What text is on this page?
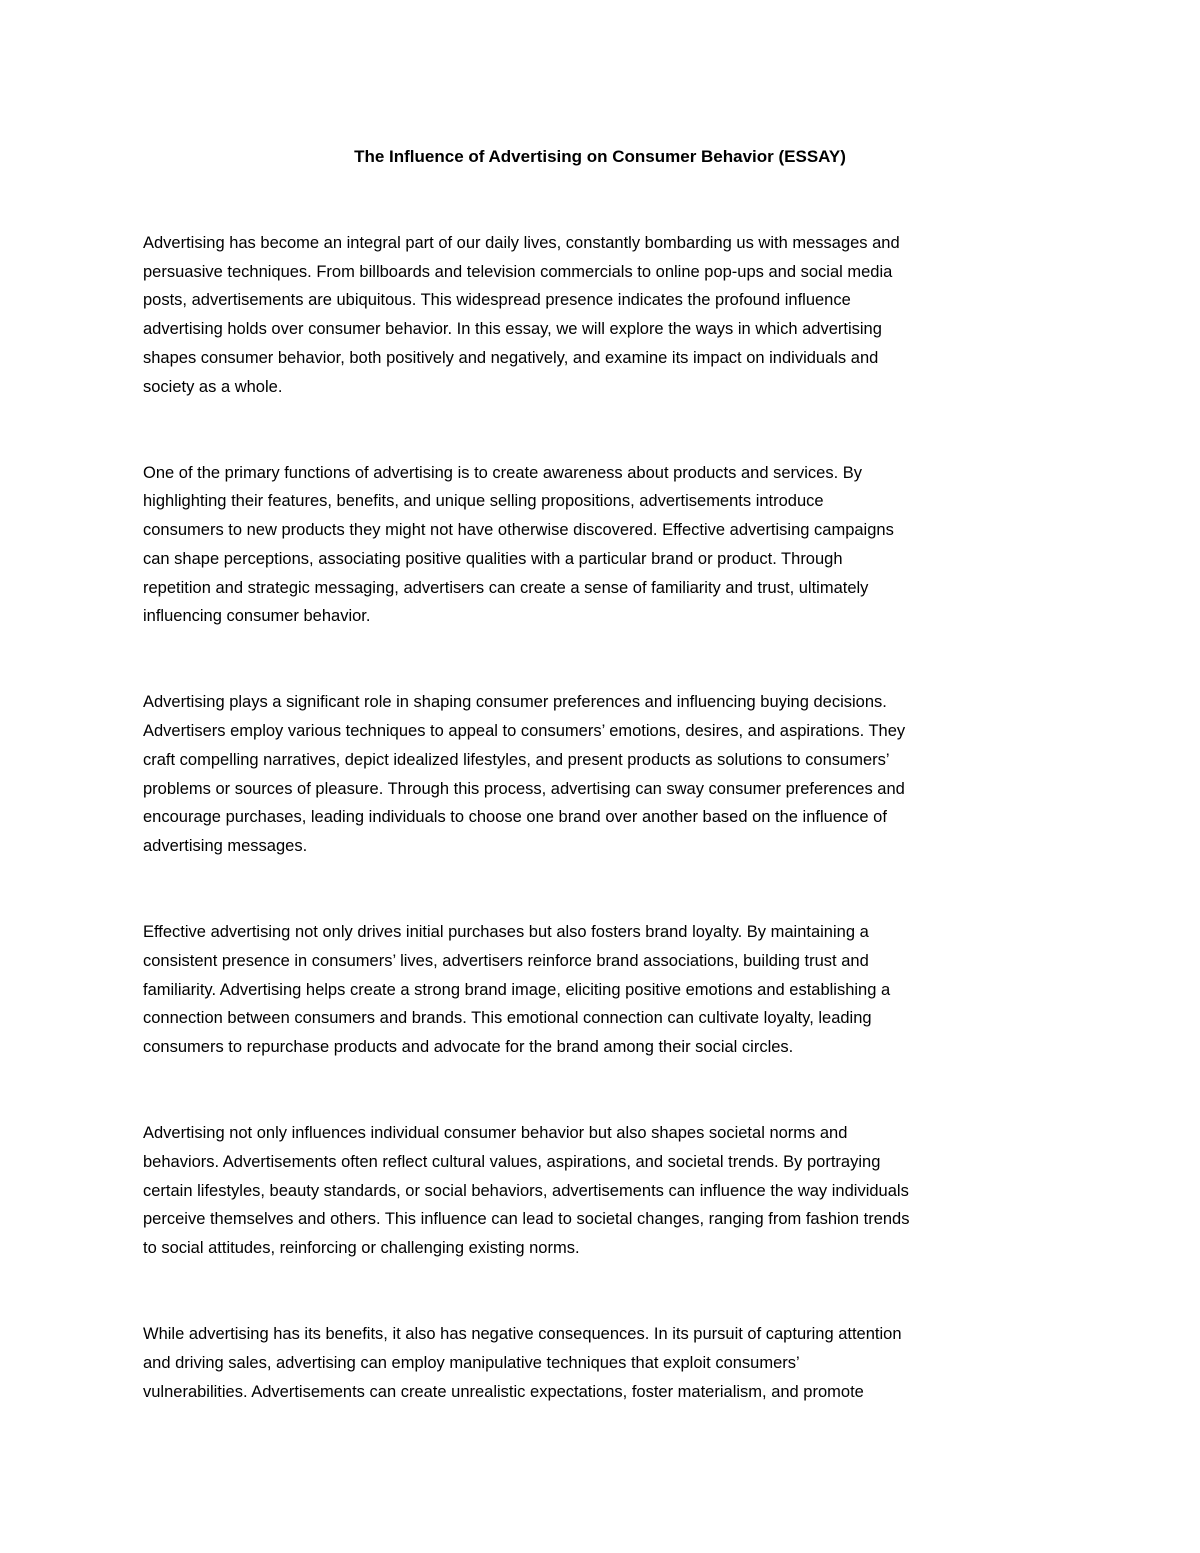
The Influence of Advertising on Consumer Behavior (ESSAY)

Advertising has become an integral part of our daily lives, constantly bombarding us with messages and
persuasive techniques. From billboards and television commercials to online pop-ups and social media
posts, advertisements are ubiquitous. This widespread presence indicates the profound influence
advertising holds over consumer behavior. In this essay, we will explore the ways in which advertising
shapes consumer behavior, both positively and negatively, and examine its impact on individuals and
society as a whole.

One of the primary functions of advertising is to create awareness about products and services. By
highlighting their features, benefits, and unique selling propositions, advertisements introduce
consumers to new products they might not have otherwise discovered. Effective advertising campaigns
can shape perceptions, associating positive qualities with a particular brand or product. Through
repetition and strategic messaging, advertisers can create a sense of familiarity and trust, ultimately
influencing consumer behavior.

Advertising plays a significant role in shaping consumer preferences and influencing buying decisions.
Advertisers employ various techniques to appeal to consumers’ emotions, desires, and aspirations. They
craft compelling narratives, depict idealized lifestyles, and present products as solutions to consumers’
problems or sources of pleasure. Through this process, advertising can sway consumer preferences and
encourage purchases, leading individuals to choose one brand over another based on the influence of
advertising messages.

Effective advertising not only drives initial purchases but also fosters brand loyalty. By maintaining a
consistent presence in consumers’ lives, advertisers reinforce brand associations, building trust and
familiarity. Advertising helps create a strong brand image, eliciting positive emotions and establishing a
connection between consumers and brands. This emotional connection can cultivate loyalty, leading
consumers to repurchase products and advocate for the brand among their social circles.

Advertising not only influences individual consumer behavior but also shapes societal norms and
behaviors. Advertisements often reflect cultural values, aspirations, and societal trends. By portraying
certain lifestyles, beauty standards, or social behaviors, advertisements can influence the way individuals
perceive themselves and others. This influence can lead to societal changes, ranging from fashion trends
to social attitudes, reinforcing or challenging existing norms.

While advertising has its benefits, it also has negative consequences. In its pursuit of capturing attention
and driving sales, advertising can employ manipulative techniques that exploit consumers’
vulnerabilities. Advertisements can create unrealistic expectations, foster materialism, and promote
